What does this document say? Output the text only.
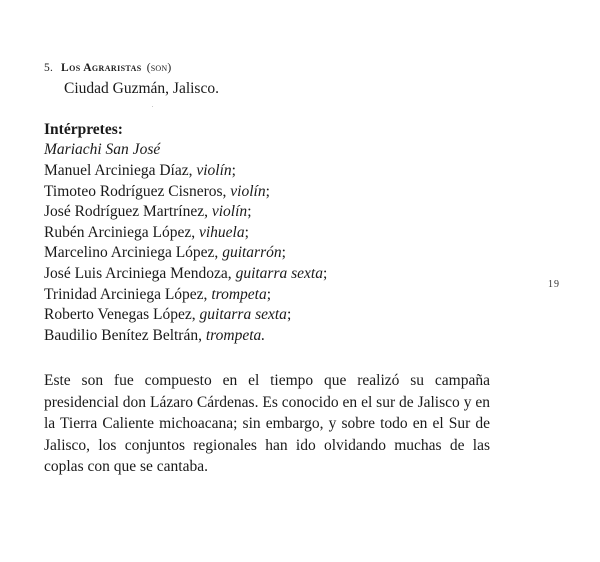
5. Los Agraristas (son)
Ciudad Guzmán, Jalisco.
Intérpretes:
Mariachi San José
Manuel Arciniega Díaz, violín;
Timoteo Rodríguez Cisneros, violín;
José Rodríguez Martrínez, violín;
Rubén Arciniega López, vihuela;
Marcelino Arciniega López, guitarrón;
José Luis Arciniega Mendoza, guitarra sexta;
Trinidad Arciniega López, trompeta;
Roberto Venegas López, guitarra sexta;
Baudilio Benítez Beltrán, trompeta.

Este son fue compuesto en el tiempo que realizó su campaña presidencial don Lázaro Cárdenas. Es conocido en el sur de Jalisco y en la Tierra Caliente michoacana; sin embargo, y sobre todo en el Sur de Jalisco, los conjuntos regionales han ido olvidando muchas de las coplas con que se cantaba.

19
